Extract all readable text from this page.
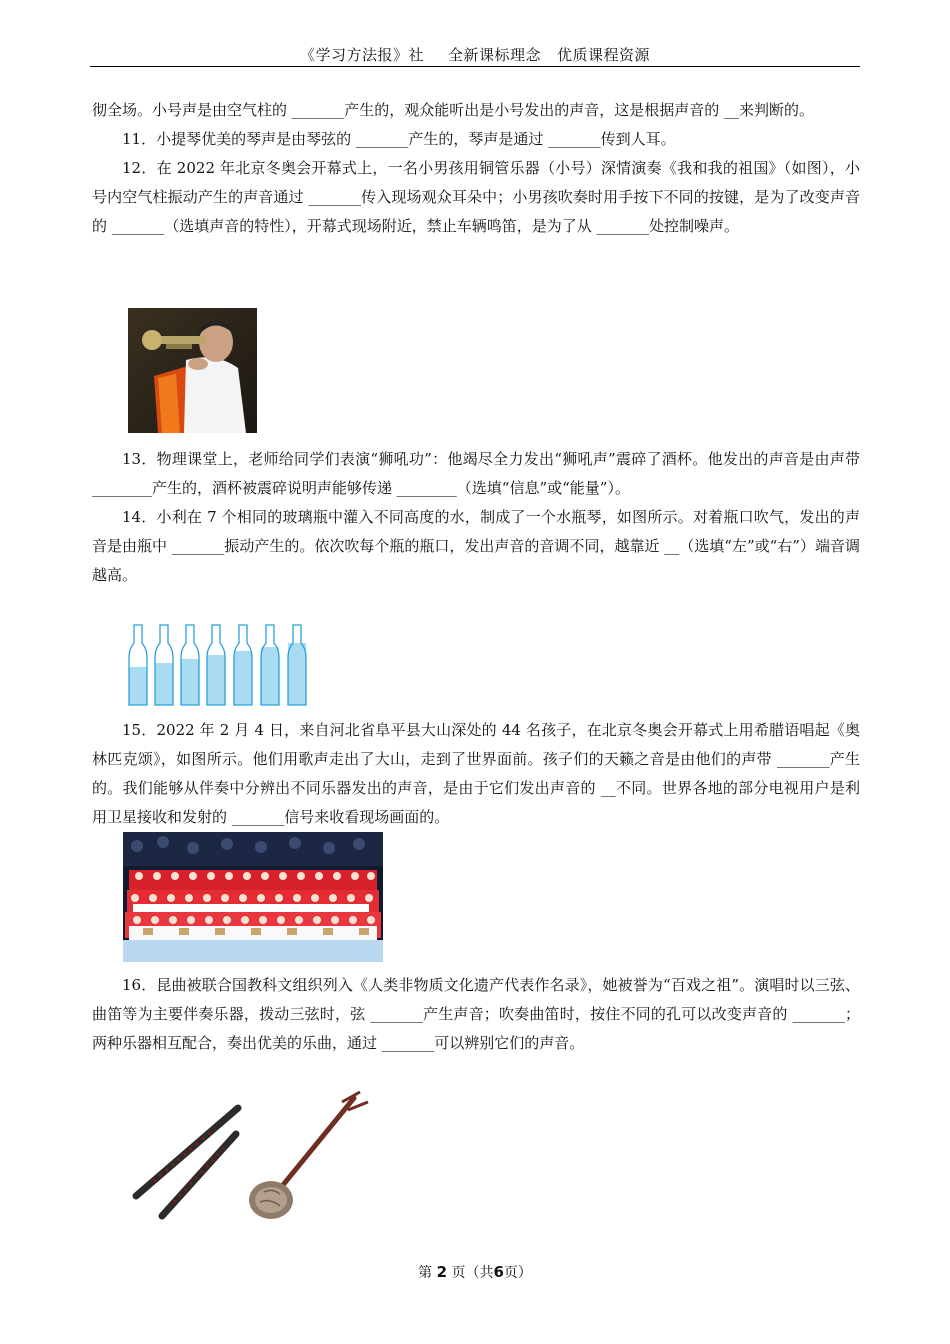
《学习方法报》社 全新课标理念 优质课程资源

彻全场。小号声是由空气柱的 _______产生的，观众能听出是小号发出的声音，这是根据声音的 __来判断的。

11．小提琴优美的琴声是由琴弦的 _______产生的，琴声是通过 _______传到人耳。

12．在 2022 年北京冬奥会开幕式上，一名小男孩用铜管乐器（小号）深情演奏《我和我的祖国》（如图），小号内空气柱振动产生的声音通过 _______传入现场观众耳朵中；小男孩吹奏时用手按下不同的按键，是为了改变声音的 _______（选填声音的特性），开幕式现场附近，禁止车辆鸣笛，是为了从 _______处控制噪声。

13．物理课堂上，老师给同学们表演“狮吼功”：他竭尽全力发出“狮吼声”震碎了酒杯。他发出的声音是由声带 ________产生的，酒杯被震碎说明声能够传递 ________（选填“信息”或“能量”）。

14．小利在 7 个相同的玻璃瓶中灌入不同高度的水，制成了一个水瓶琴，如图所示。对着瓶口吹气，发出的声音是由瓶中 _______振动产生的。依次吹每个瓶的瓶口，发出声音的音调不同，越靠近 __（选填“左”或“右”）端音调越高。

15．2022 年 2 月 4 日，来自河北省阜平县大山深处的 44 名孩子，在北京冬奥会开幕式上用希腊语唱起《奥林匹克颂》，如图所示。他们用歌声走出了大山，走到了世界面前。孩子们的天籁之音是由他们的声带 _______产生的。我们能够从伴奏中分辨出不同乐器发出的声音，是由于它们发出声音的 __不同。世界各地的部分电视用户是利用卫星接收和发射的 _______信号来收看现场画面的。

16．昆曲被联合国教科文组织列入《人类非物质文化遗产代表作名录》，她被誉为“百戏之祖”。演唱时以三弦、曲笛等为主要伴奏乐器，拨动三弦时，弦 _______产生声音；吹奏曲笛时，按住不同的孔可以改变声音的 _______；两种乐器相互配合，奏出优美的乐曲，通过 _______可以辨别它们的声音。

第 2 页（共6页）
